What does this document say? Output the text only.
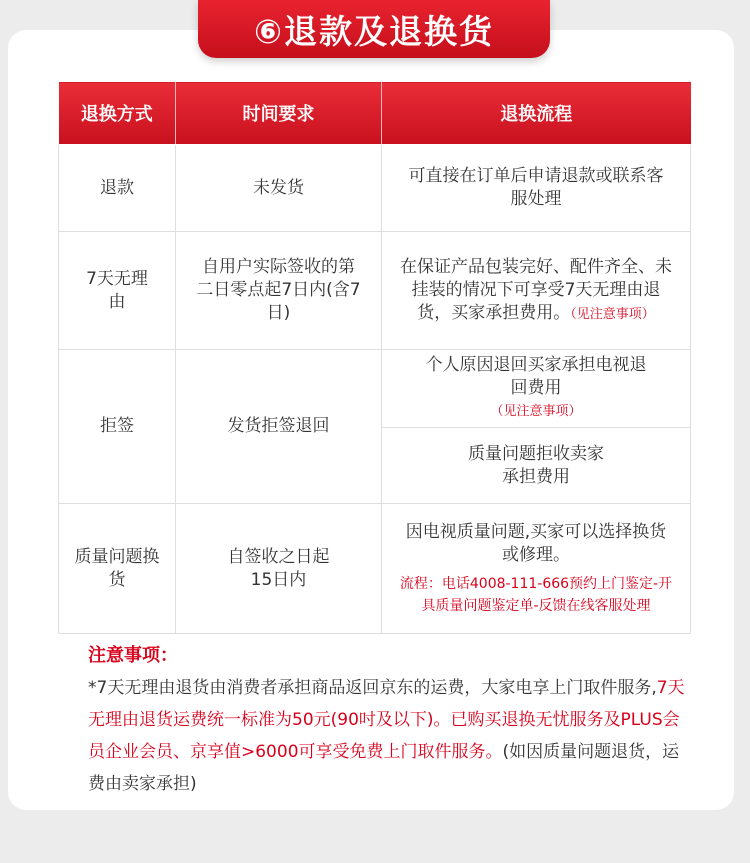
⑥退款及退换货
退换方式	时间要求	退换流程
退款	未发货	可直接在订单后申请退款或联系客服处理
7天无理由	自用户实际签收的第二日零点起7日内(含7日)	在保证产品包装完好、配件齐全、未挂装的情况下可享受7天无理由退货，买家承担费用。（见注意事项）
拒签	发货拒签退回	个人原因退回买家承担电视退回费用
（见注意事项）

		质量问题拒收卖家承担费用
质量问题换货	自签收之日起15日内	因电视质量问题,买家可以选择换货或修理。
流程：电话4008-111-666预约上门鉴定-开具质量问题鉴定单-反馈在线客服处理
注意事项：
*7天无理由退货由消费者承担商品返回京东的运费，大家电享上门取件服务,7天无理由退货运费统一标准为50元(90吋及以下)。已购买退换无忧服务及PLUS会员企业会员、京享值>6000可享受免费上门取件服务。(如因质量问题退货，运费由卖家承担)
